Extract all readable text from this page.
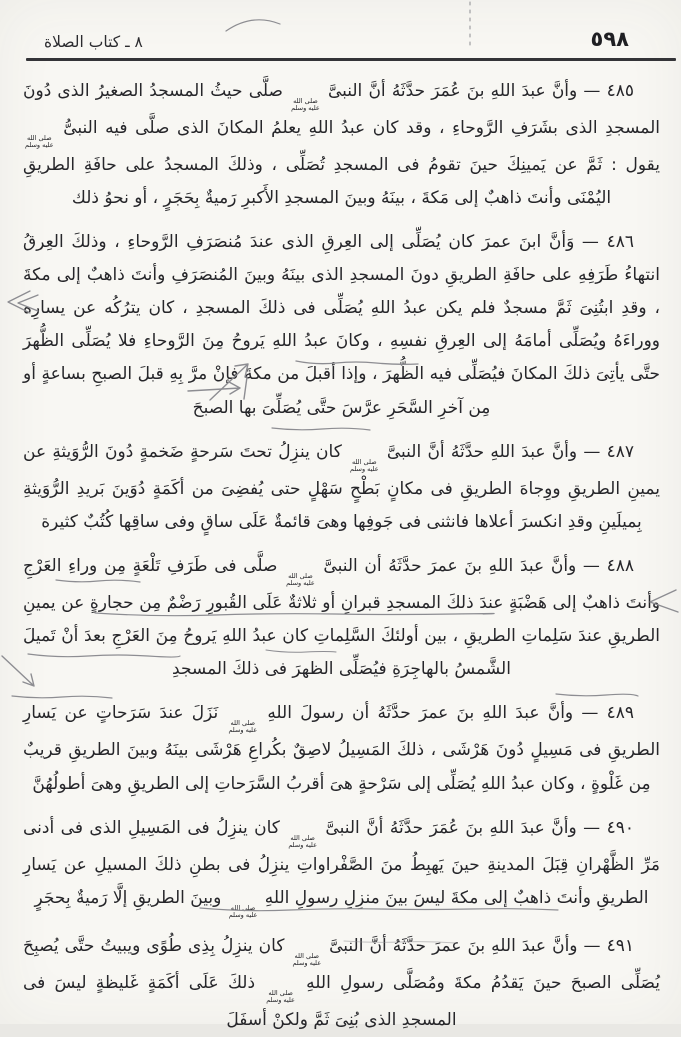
٨ ـ كتاب الصلاة	٥٩٨

٤٨٥ — وأنَّ عبدَ اللهِ بنَ عُمَرَ حدَّثَهُ أنَّ النبىَّ
صلى الله
عليه وسلم
صلَّى حيثُ المسجدُ الصغيرُ الذى دُونَ المسجدِ الذى بشَرَفِ الرَّوحاءِ ، وقد كان عبدُ اللهِ يعلمُ المكانَ الذى صلَّى فيه النبىُّ
صلى الله
عليه وسلم
يقول : ثَمَّ عن يَمينِكَ حينَ تقومُ فى المسجدِ تُصَلِّى ، وذلكَ المسجدُ على حافَةِ الطريقِ اليُمْنَى وأنتَ ذاهبٌ إلى مَكةَ ، بينَهُ وبينَ المسجدِ الأَكبرِ رَميةٌ بِحَجَرٍ ، أو نحوُ ذلك

٤٨٦ — وَأنَّ ابنَ عمرَ كان يُصَلِّى إلى العِرقِ الذى عندَ مُنصَرَفِ الرَّوحاءِ ، وذلكَ العِرقُ انتهاءُ طَرَفِهِ على حافَةِ الطريقِ دونَ المسجدِ الذى بينَهُ وبينَ المُنصَرَفِ وأنتَ ذاهبٌ إلى مكةَ ، وقدِ ابتُنِىَ ثَمَّ مسجدٌ فلم يكن عبدُ اللهِ يُصَلِّى فى ذلكَ المسجدِ ، كان يترُكُه عن يسارِه ووراءَهُ ويُصَلِّى أمامَهُ إلى العِرقِ نفسِهِ ، وكانَ عبدُ اللهِ يَروحُ مِنَ الرَّوحاءِ فلا يُصَلِّى الظُّهرَ حتَّى يأتِىَ ذلكَ المكانَ فيُصَلِّى فيه الظُّهرَ ، وإذا أقبلَ من مكةَ فإنْ مرَّ بِهِ قبلَ الصبحِ بساعةٍ أو مِن آخرِ السَّحَرِ عرَّسَ حتَّى يُصَلِّىَ بها الصبحَ

٤٨٧ — وأنَّ عبدَ اللهِ حدَّثَهُ أنَّ النبىَّ
صلى الله
عليه وسلم
كان ينزِلُ تحتَ سَرحةٍ ضَخمةٍ دُونَ الرُّوَيثةِ عن يمينِ الطريقِ ووِجاهَ الطريقِ فى مكانٍ بَطْحٍ سَهْلٍ حتى يُفضِىَ من أكَمَةٍ دُوَينَ بَريدِ الرُّوَيثةِ بِميلَينِ وقدِ انكسرَ أعلاها فانثنى فى جَوفِها وهىَ قائمةٌ عَلَى ساقٍ وفى ساقِها كُتُبٌ كثيرة

٤٨٨ — وأنَّ عبدَ اللهِ بنَ عمرَ حدَّثَهُ أن النبىَّ
صلى الله
عليه وسلم
صلَّى فى طَرَفِ تَلْعَةٍ مِن وراءِ العَرْجِ وأنتَ ذاهبٌ إلى هَضْبَةٍ عندَ ذلكَ المسجدِ قبرانِ أو ثلاثةٌ عَلَى القُبورِ رَضْمٌ مِن حجارةٍ عن يمينِ الطريقِ عندَ سَلِماتِ الطريقِ ، بين أولئكَ السَّلِماتِ كان عبدُ اللهِ يَروحُ مِنَ العَرْجِ بعدَ أنْ تَميلَ الشَّمسُ بالهاجِرَةِ فيُصَلِّى الظهرَ فى ذلكَ المسجدِ

٤٨٩ — وأنَّ عبدَ اللهِ بنَ عمرَ حدَّثَهُ أن رسولَ اللهِ
صلى الله
عليه وسلم
نَزَلَ عندَ سَرَحاتٍ عن يَسارِ الطريقِ فى مَسِيلٍ دُونَ هَرْشَى ، ذلكَ المَسِيلُ لاصِقٌ بكُراعِ هَرْشَى بينَهُ وبينَ الطريقِ قريبٌ مِن غَلْوةٍ ، وكان عبدُ اللهِ يُصَلِّى إلى سَرْحةٍ هىَ أقربُ السَّرَحاتِ إلى الطريقِ وهىَ أطولُهُنَّ

٤٩٠ — وأنَّ عبدَ اللهِ بنَ عُمَرَ حدَّثَهُ أنَّ النبىَّ
صلى الله
عليه وسلم
كان ينزِلُ فى المَسِيلِ الذى فى أدنى مَرِّ الظَّهْرانِ قِبَلَ المدينةِ حينَ يَهبِطُ منَ الصَّفْراواتِ ينزِلُ فى بطنِ ذلكَ المسيلِ عن يَسارِ الطريقِ وأنتَ ذاهبٌ إلى مكةَ ليسَ بينَ منزِلِ رسولِ اللهِ
صلى الله
عليه وسلم
وبينَ الطريقِ إلَّا رَميةٌ بِحجَرٍ

٤٩١ — وأنَّ عبدَ اللهِ بنَ عمرَ حدَّثَهُ أنَّ النبىَّ
صلى الله
عليه وسلم
كان ينزِلُ بِذِى طُوًى ويبيتُ حتَّى يُصبِحَ يُصَلِّى الصبحَ حينَ يَقدُمُ مكةَ ومُصَلَّى رسولِ اللهِ
صلى الله
عليه وسلم
ذلكَ عَلَى أكَمَةٍ غَليظةٍ ليسَ فى المسجدِ الذى بُنِىَ ثَمَّ ولكنْ أسفَلَ
